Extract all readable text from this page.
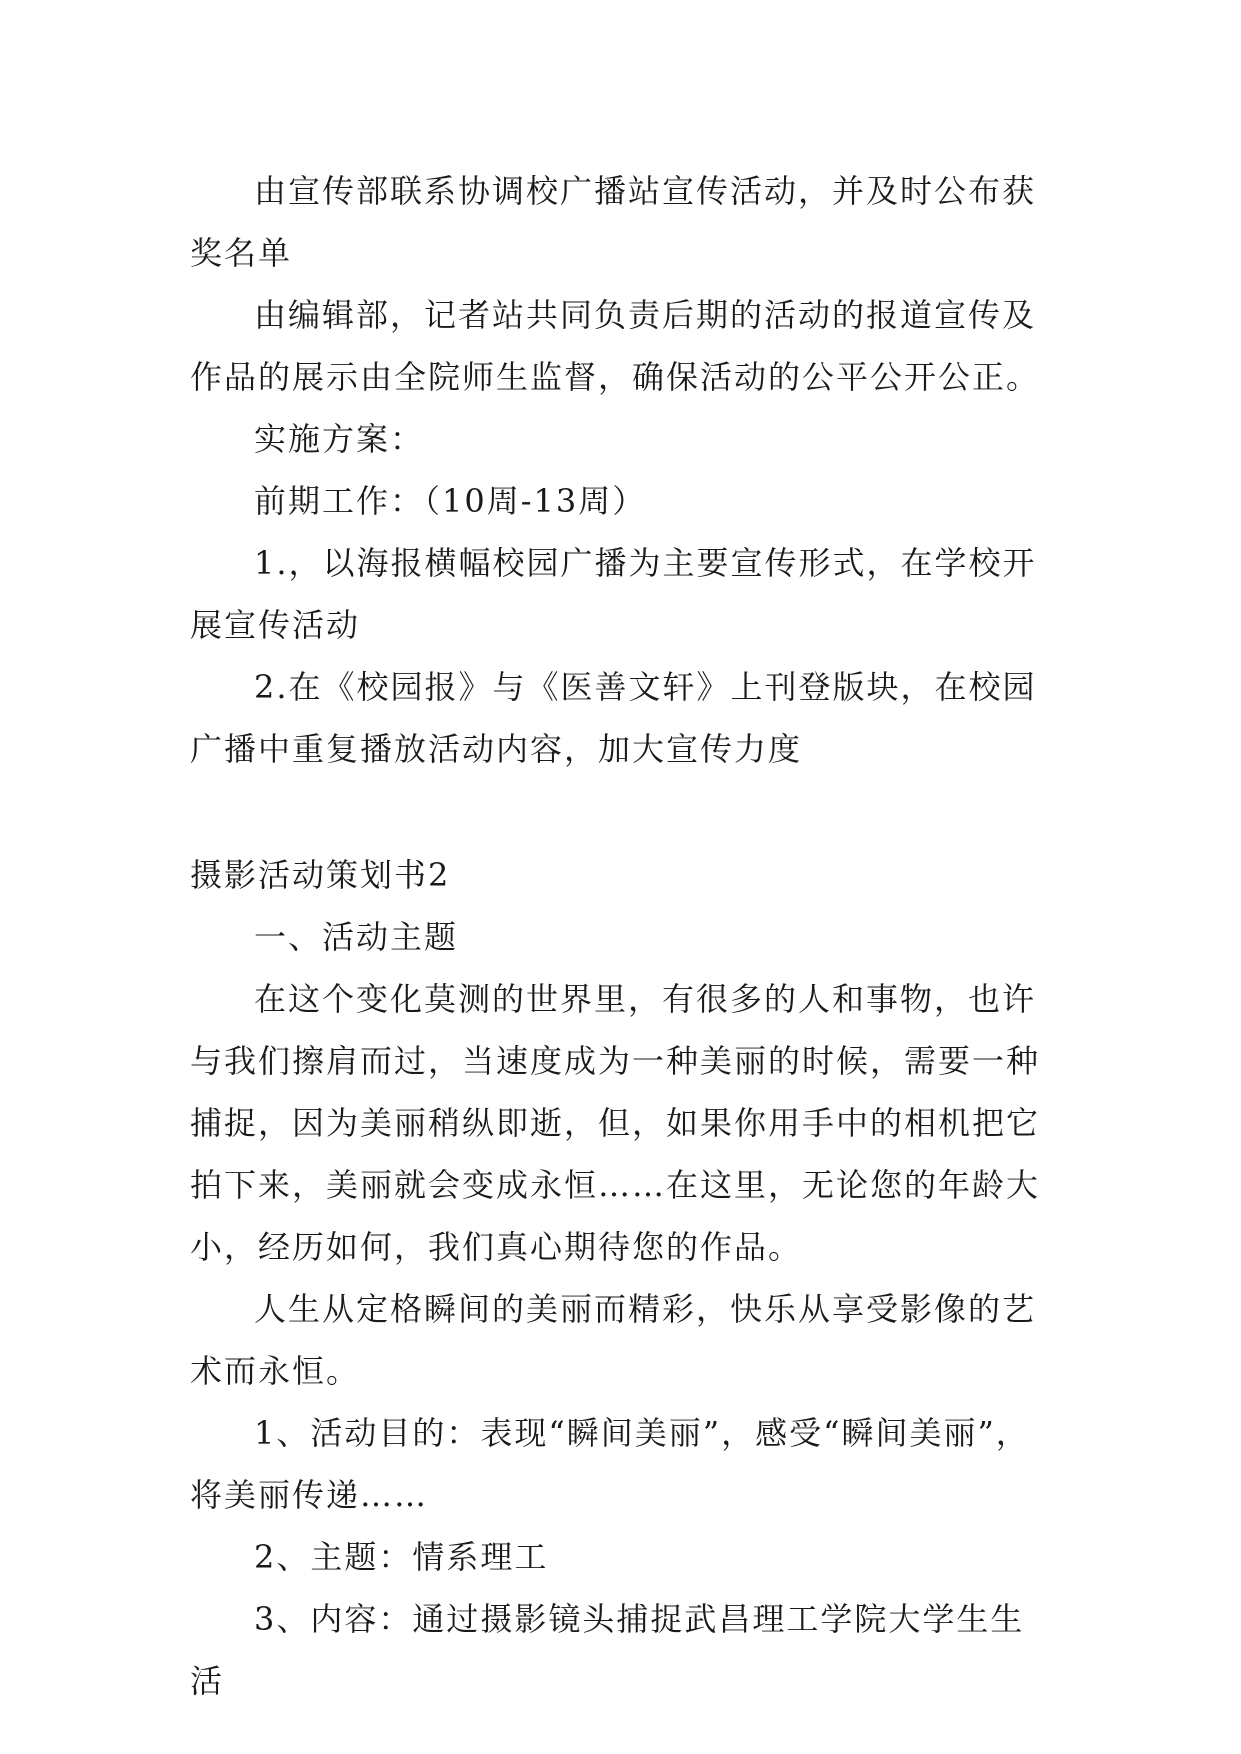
由宣传部联系协调校广播站宣传活动，并及时公布获奖名单

由编辑部，记者站共同负责后期的活动的报道宣传及作品的展示由全院师生监督，确保活动的公平公开公正。

实施方案：

前期工作：（10周-13周）

1.，以海报横幅校园广播为主要宣传形式，在学校开展宣传活动

2.在《校园报》与《医善文轩》上刊登版块，在校园广播中重复播放活动内容，加大宣传力度

摄影活动策划书2

一、活动主题

在这个变化莫测的世界里，有很多的人和事物，也许与我们擦肩而过，当速度成为一种美丽的时候，需要一种捕捉，因为美丽稍纵即逝，但，如果你用手中的相机把它拍下来，美丽就会变成永恒……在这里，无论您的年龄大小，经历如何，我们真心期待您的作品。

人生从定格瞬间的美丽而精彩，快乐从享受影像的艺术而永恒。

1、活动目的：表现“瞬间美丽”，感受“瞬间美丽”，将美丽传递……

2、主题：情系理工

3、内容：通过摄影镜头捕捉武昌理工学院大学生生活
